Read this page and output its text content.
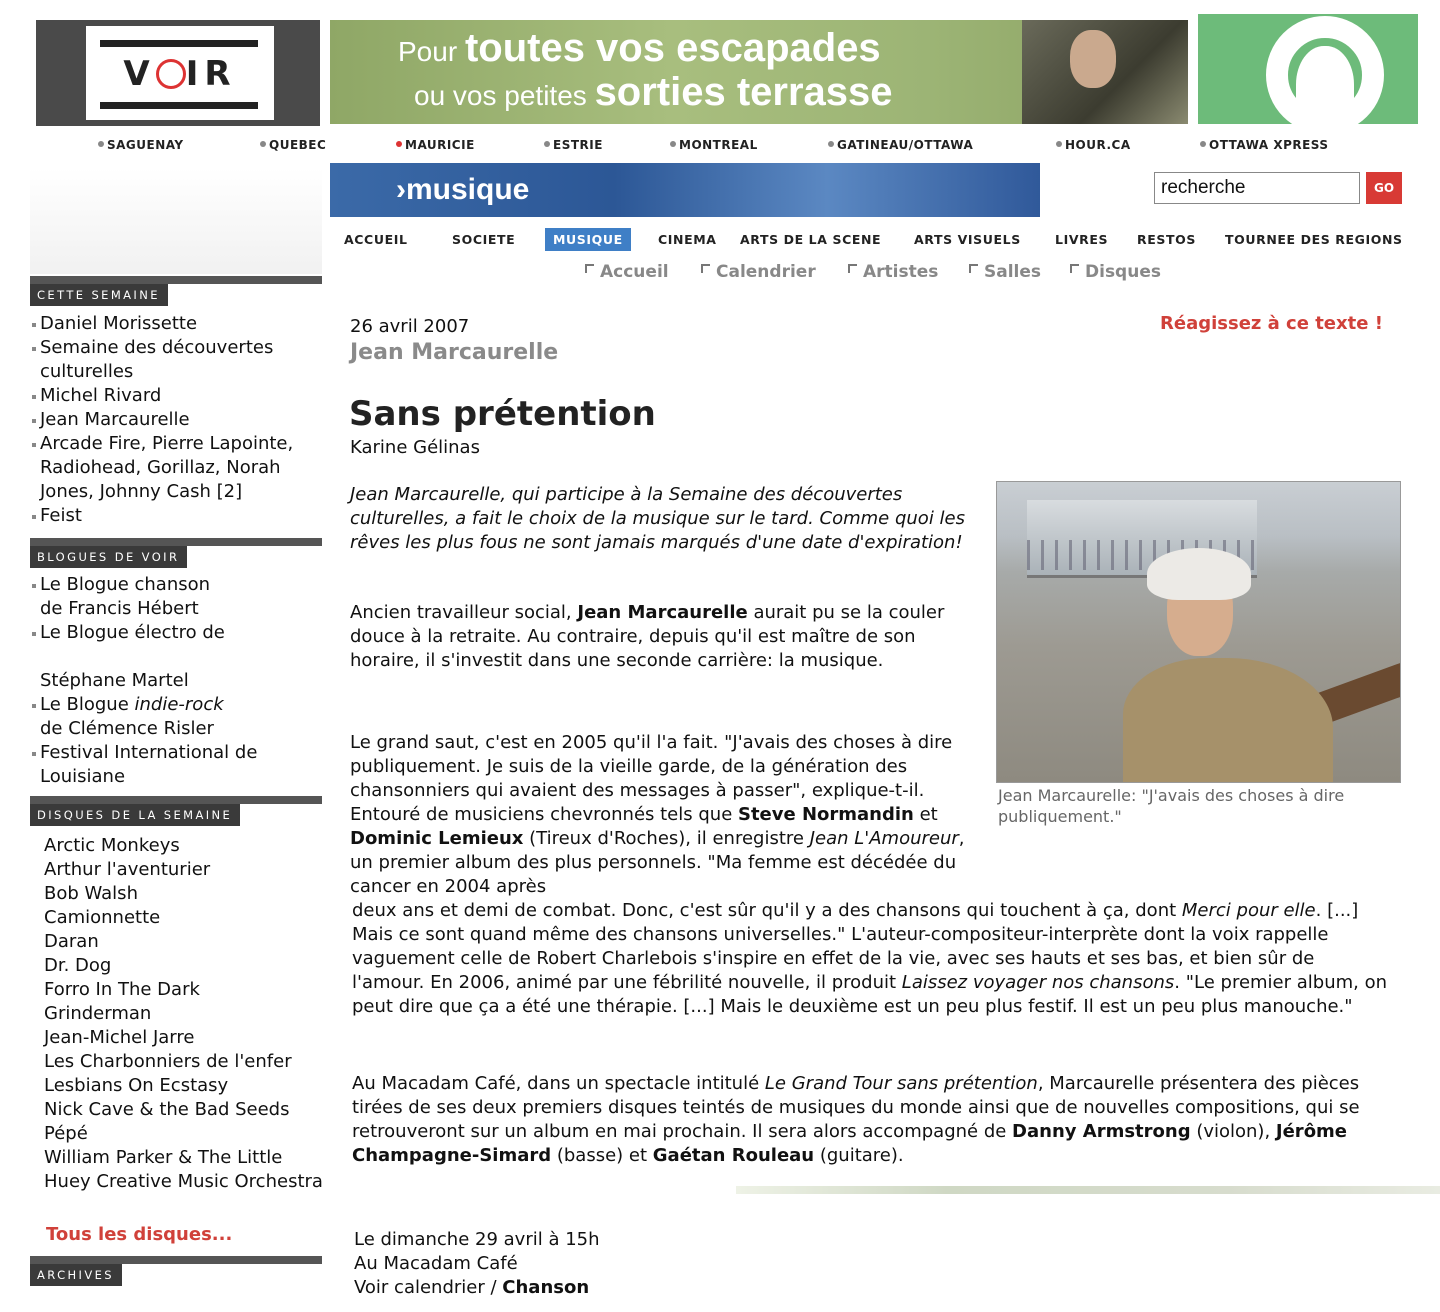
V IR
Pour toutes vos escapades
ou vos petites sorties terrasse
SAGUENAY	QUEBEC	MAURICIE	ESTRIE	MONTREAL	GATINEAU/OTTAWA	HOUR.CA	OTTAWA XPRESS
›musique
recherche	GO
ACCUEIL	SOCIETE	MUSIQUE	CINEMA ARTS DE LA SCENE	ARTS VISUELS	LIVRES RESTOS TOURNEE DES REGIONS
Accueil	Calendrier	Artistes	Salles	Disques
CETTE SEMAINE
Daniel Morissette
Semaine des découvertes culturelles
Michel Rivard
Jean Marcaurelle
Arcade Fire, Pierre Lapointe, Radiohead, Gorillaz, Norah Jones, Johnny Cash [2]
Feist
BLOGUES DE VOIR
Le Blogue chanson
de Francis Hébert
Le Blogue électro de

Stéphane Martel
Le Blogue indie-rock
de Clémence Risler
Festival International de
Louisiane
DISQUES DE LA SEMAINE
Arctic Monkeys
Arthur l'aventurier
Bob Walsh
Camionnette
Daran
Dr. Dog
Forro In The Dark
Grinderman
Jean-Michel Jarre
Les Charbonniers de l'enfer
Lesbians On Ecstasy
Nick Cave & the Bad Seeds
Pépé
William Parker & The Little Huey Creative Music Orchestra
Tous les disques...
ARCHIVES
26 avril 2007
Jean Marcaurelle
Réagissez à ce texte !
Sans prétention
Karine Gélinas

Jean Marcaurelle, qui participe à la Semaine des découvertes culturelles, a fait le choix de la musique sur le tard. Comme quoi les rêves les plus fous ne sont jamais marqués d'une date d'expiration!

Ancien travailleur social, Jean Marcaurelle aurait pu se la couler douce à la retraite. Au contraire, depuis qu'il est maître de son horaire, il s'investit dans une seconde carrière: la musique.

Le grand saut, c'est en 2005 qu'il l'a fait. "J'avais des choses à dire publiquement. Je suis de la vieille garde, de la génération des chansonniers qui avaient des messages à passer", explique-t-il. Entouré de musiciens chevronnés tels que Steve Normandin et Dominic Lemieux (Tireux d'Roches), il enregistre Jean L'Amoureur, un premier album des plus personnels. "Ma femme est décédée du cancer en 2004 après
deux ans et demi de combat. Donc, c'est sûr qu'il y a des chansons qui touchent à ça, dont Merci pour elle. [...] Mais ce sont quand même des chansons universelles." L'auteur-compositeur-interprète dont la voix rappelle vaguement celle de Robert Charlebois s'inspire en effet de la vie, avec ses hauts et ses bas, et bien sûr de l'amour. En 2006, animé par une fébrilité nouvelle, il produit Laissez voyager nos chansons. "Le premier album, on peut dire que ça a été une thérapie. [...] Mais le deuxième est un peu plus festif. Il est un peu plus manouche."

Jean Marcaurelle: "J'avais des choses à dire publiquement."

Au Macadam Café, dans un spectacle intitulé Le Grand Tour sans prétention, Marcaurelle présentera des pièces tirées de ses deux premiers disques teintés de musiques du monde ainsi que de nouvelles compositions, qui se retrouveront sur un album en mai prochain. Il sera alors accompagné de Danny Armstrong (violon), Jérôme Champagne-Simard (basse) et Gaétan Rouleau (guitare).

Le dimanche 29 avril à 15h
Au Macadam Café
Voir calendrier / Chanson
